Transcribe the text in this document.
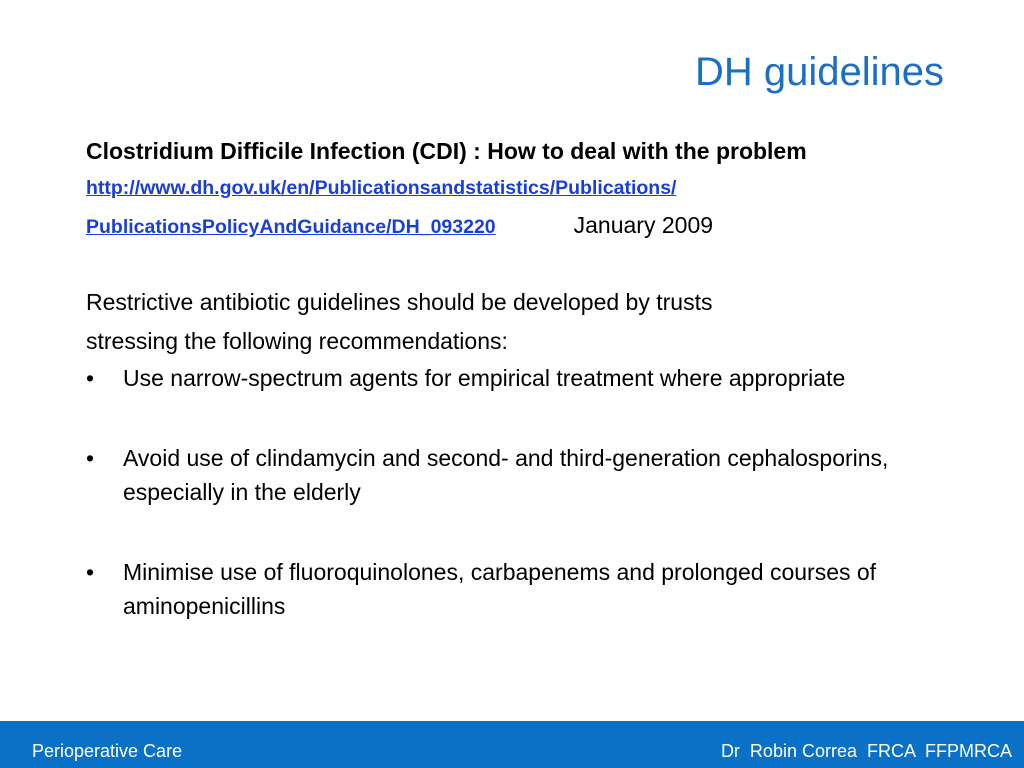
DH guidelines

Clostridium Difficile Infection (CDI) : How to deal with the problem

http://www.dh.gov.uk/en/Publicationsandstatistics/Publications/
PublicationsPolicyAndGuidance/DH_093220	January 2009
Restrictive antibiotic guidelines should be developed by trusts
stressing the following recommendations:
• Use narrow-spectrum agents for empirical treatment where appropriate
• Avoid use of clindamycin and second- and third-generation cephalosporins, especially in the elderly
• Minimise use of fluoroquinolones, carbapenems and prolonged courses of aminopenicillins
Perioperative Care	Dr  Robin Correa  FRCA  FFPMRCA
